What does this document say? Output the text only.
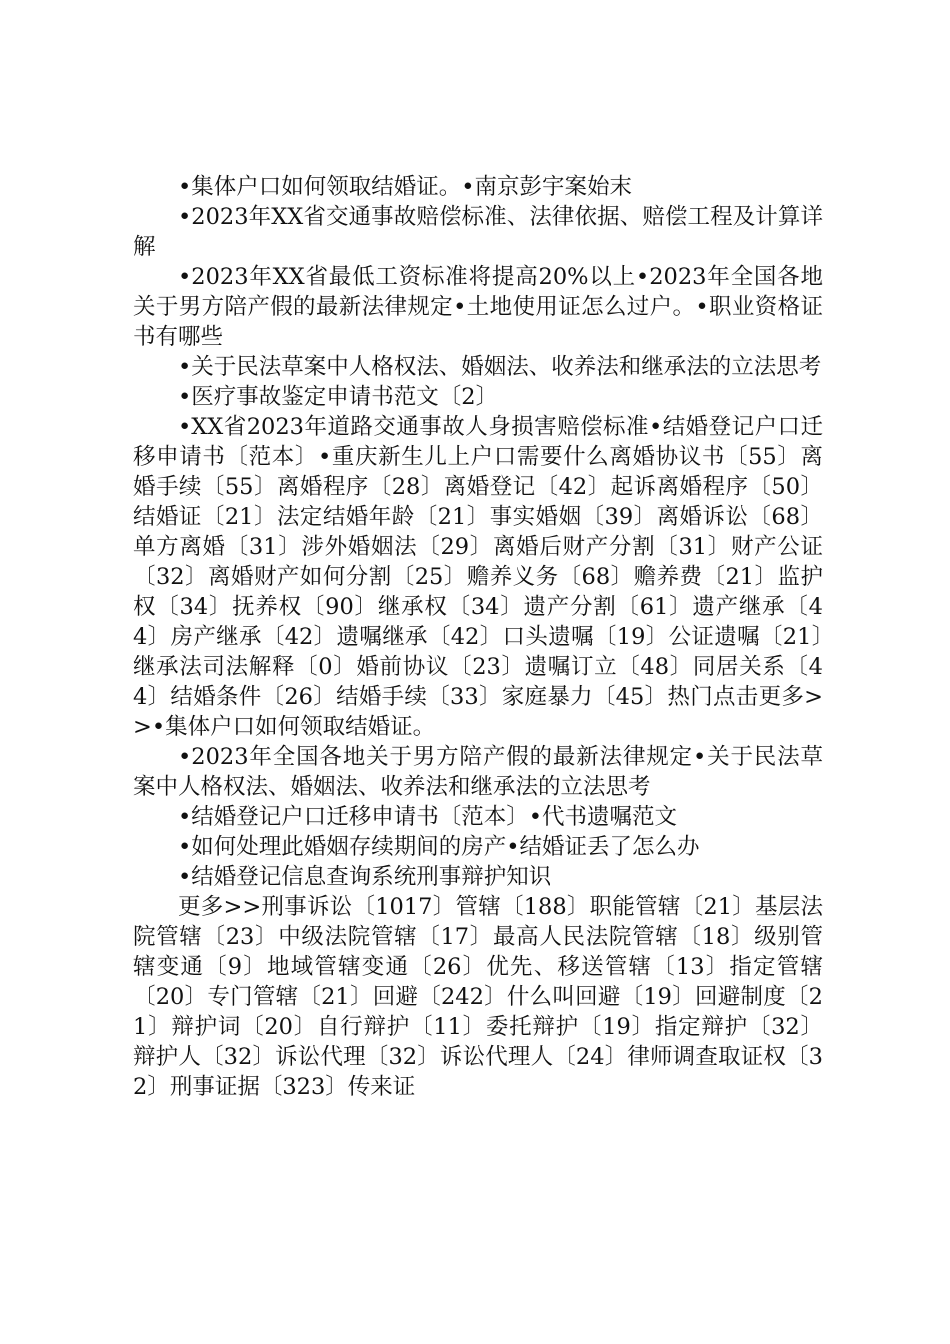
•集体户口如何领取结婚证。•南京彭宇案始末

•2023年XX省交通事故赔偿标准、法律依据、赔偿工程及计算详解

•2023年XX省最低工资标准将提高20%以上•2023年全国各地关于男方陪产假的最新法律规定•土地使用证怎么过户。•职业资格证书有哪些

•关于民法草案中人格权法、婚姻法、收养法和继承法的立法思考

•医疗事故鉴定申请书范文〔2〕

•XX省2023年道路交通事故人身损害赔偿标准•结婚登记户口迁移申请书〔范本〕•重庆新生儿上户口需要什么离婚协议书〔55〕离婚手续〔55〕离婚程序〔28〕离婚登记〔42〕起诉离婚程序〔50〕结婚证〔21〕法定结婚年龄〔21〕事实婚姻〔39〕离婚诉讼〔68〕单方离婚〔31〕涉外婚姻法〔29〕离婚后财产分割〔31〕财产公证〔32〕离婚财产如何分割〔25〕赡养义务〔68〕赡养费〔21〕监护权〔34〕抚养权〔90〕继承权〔34〕遗产分割〔61〕遗产继承〔44〕房产继承〔42〕遗嘱继承〔42〕口头遗嘱〔19〕公证遗嘱〔21〕继承法司法解释〔0〕婚前协议〔23〕遗嘱订立〔48〕同居关系〔44〕结婚条件〔26〕结婚手续〔33〕家庭暴力〔45〕热门点击更多>>•集体户口如何领取结婚证。

•2023年全国各地关于男方陪产假的最新法律规定•关于民法草案中人格权法、婚姻法、收养法和继承法的立法思考

•结婚登记户口迁移申请书〔范本〕•代书遗嘱范文

•如何处理此婚姻存续期间的房产•结婚证丢了怎么办

•结婚登记信息查询系统刑事辩护知识

更多>>刑事诉讼〔1017〕管辖〔188〕职能管辖〔21〕基层法院管辖〔23〕中级法院管辖〔17〕最高人民法院管辖〔18〕级别管辖变通〔9〕地域管辖变通〔26〕优先、移送管辖〔13〕指定管辖〔20〕专门管辖〔21〕回避〔242〕什么叫回避〔19〕回避制度〔21〕辩护词〔20〕自行辩护〔11〕委托辩护〔19〕指定辩护〔32〕辩护人〔32〕诉讼代理〔32〕诉讼代理人〔24〕律师调查取证权〔32〕刑事证据〔323〕传来证
